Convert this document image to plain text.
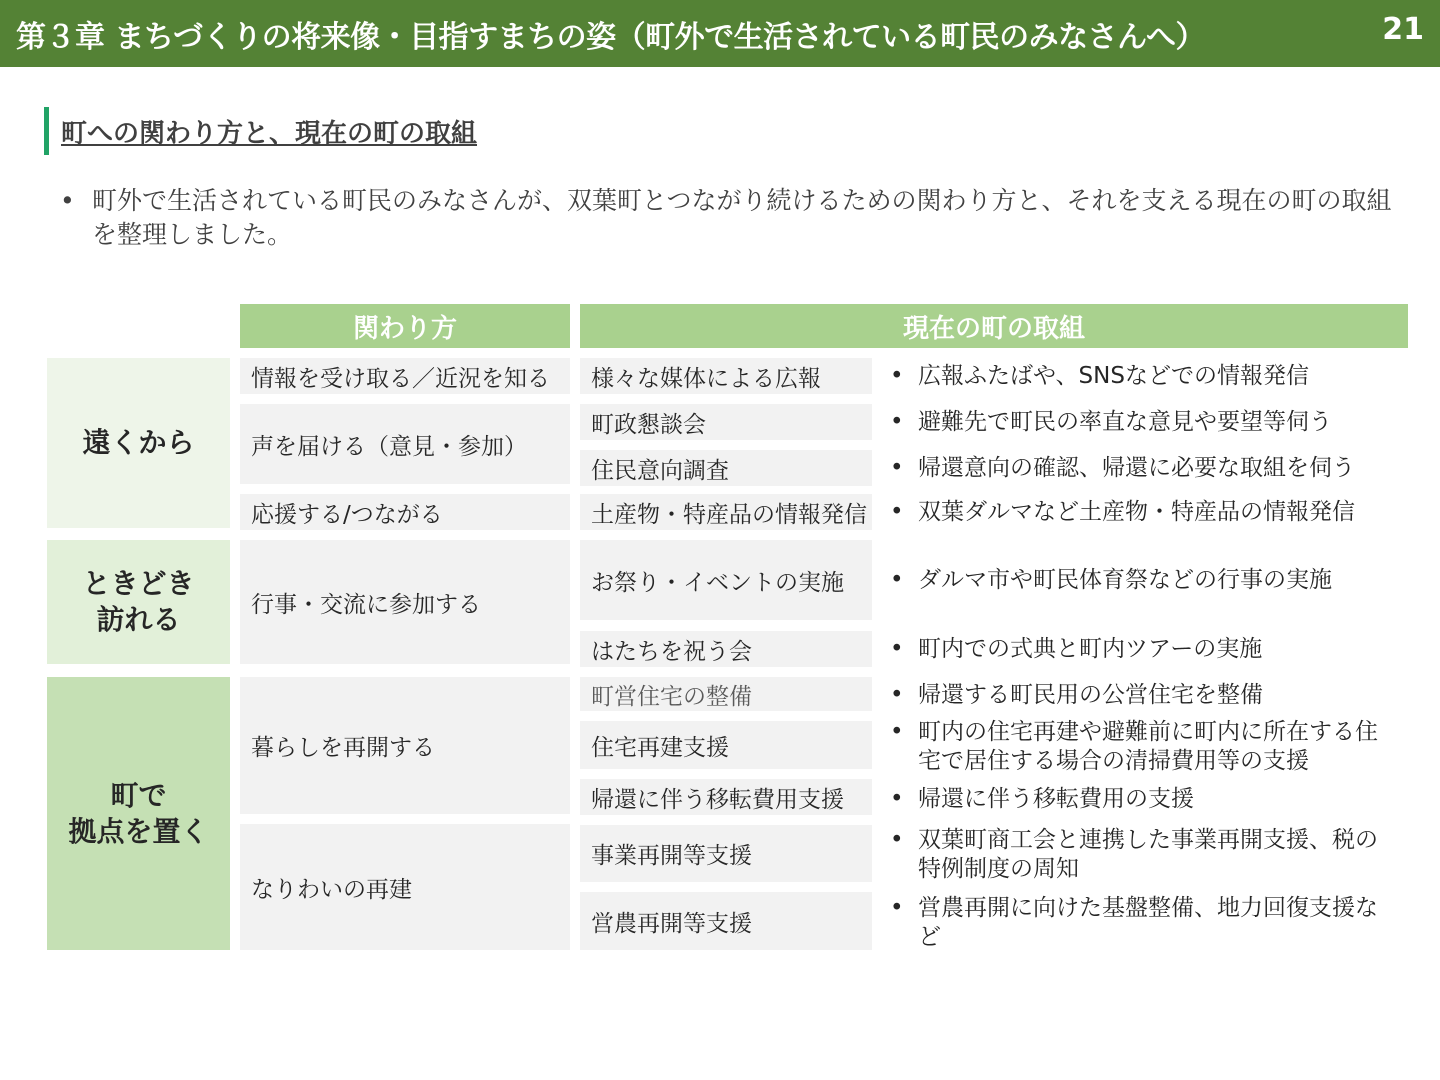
第３章 まちづくりの将来像・目指すまちの姿（町外で生活されている町民のみなさんへ）	21
町への関わり方と、現在の町の取組
• 町外で生活されている町民のみなさんが、双葉町とつながり続けるための関わり方と、それを支える現在の町の取組を整理しました。
関わり方	現在の町の取組
遠くから
ときどき
訪れる
町で
拠点を置く
情報を受け取る／近況を知る
声を届ける（意見・参加）
応援する/つながる
行事・交流に参加する
暮らしを再開する
なりわいの再建
様々な媒体による広報
町政懇談会
住民意向調査
土産物・特産品の情報発信
お祭り・イベントの実施
はたちを祝う会
町営住宅の整備
住宅再建支援
帰還に伴う移転費用支援
事業再開等支援
営農再開等支援
• 広報ふたばや、SNSなどでの情報発信
• 避難先で町民の率直な意見や要望等伺う
• 帰還意向の確認、帰還に必要な取組を伺う
• 双葉ダルマなど土産物・特産品の情報発信
• ダルマ市や町民体育祭などの行事の実施
• 町内での式典と町内ツアーの実施
• 帰還する町民用の公営住宅を整備
• 町内の住宅再建や避難前に町内に所在する住宅で居住する場合の清掃費用等の支援
• 帰還に伴う移転費用の支援
• 双葉町商工会と連携した事業再開支援、税の特例制度の周知
• 営農再開に向けた基盤整備、地力回復支援など
